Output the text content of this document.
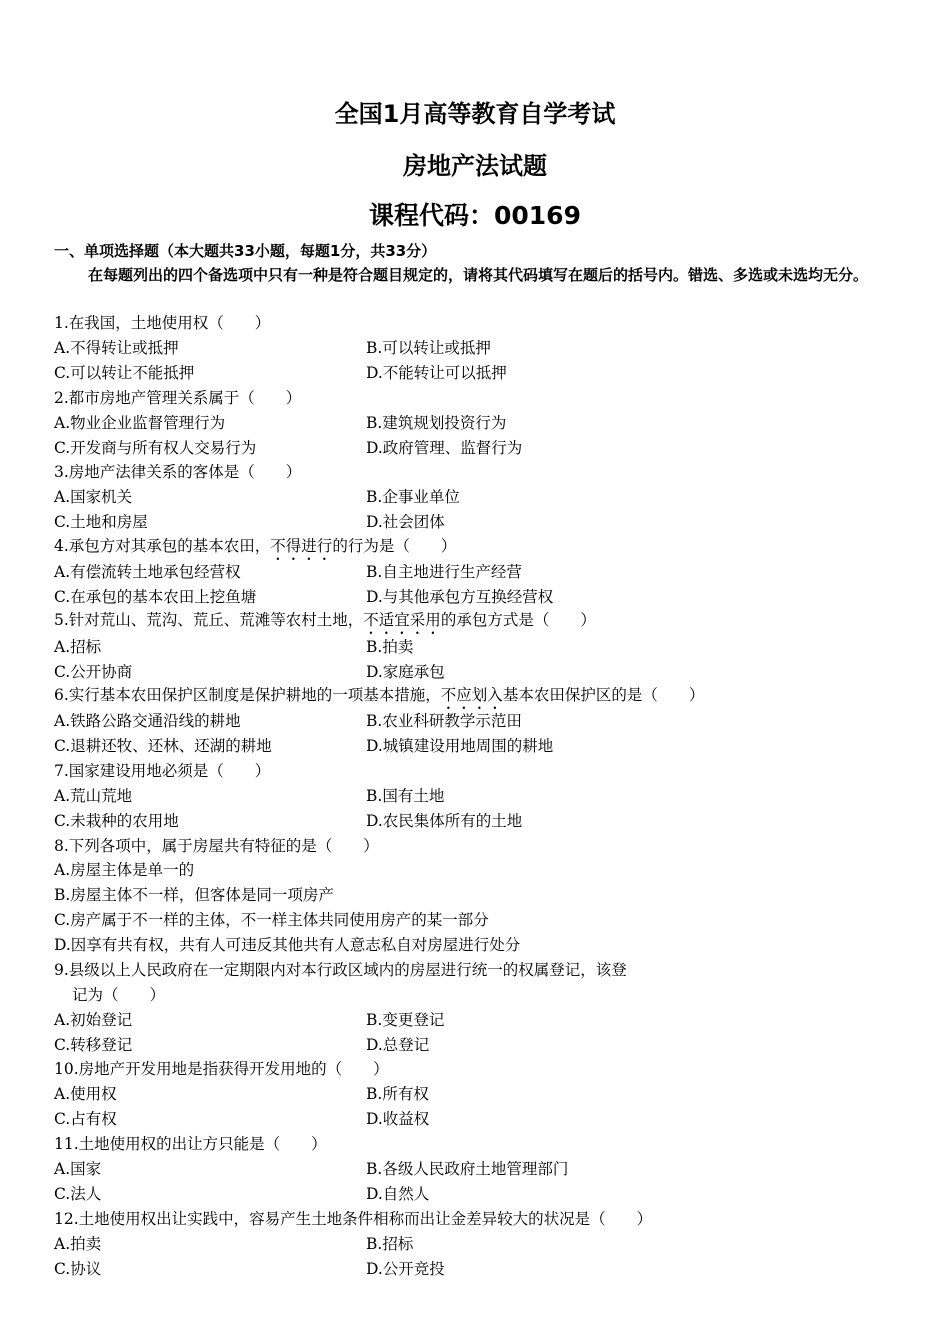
全国1月高等教育自学考试
房地产法试题
课程代码：00169
一、单项选择题（本大题共33小题，每题1分，共33分）
在每题列出的四个备选项中只有一种是符合题目规定的，请将其代码填写在题后的括号内。错选、多选或未选均无分。
1.在我国，土地使用权（　　）
A.不得转让或抵押	B.可以转让或抵押
C.可以转让不能抵押	D.不能转让可以抵押
2.都市房地产管理关系属于（　　）
A.物业企业监督管理行为	B.建筑规划投资行为
C.开发商与所有权人交易行为	D.政府管理、监督行为
3.房地产法律关系的客体是（　　）
A.国家机关	B.企事业单位
C.土地和房屋	D.社会团体
4.承包方对其承包的基本农田，不得进行的行为是（　　）
A.有偿流转土地承包经营权	B.自主地进行生产经营
C.在承包的基本农田上挖鱼塘	D.与其他承包方互换经营权
5.针对荒山、荒沟、荒丘、荒滩等农村土地，不适宜采用的承包方式是（　　）
A.招标	B.拍卖
C.公开协商	D.家庭承包
6.实行基本农田保护区制度是保护耕地的一项基本措施，不应划入基本农田保护区的是（　　）
A.铁路公路交通沿线的耕地	B.农业科研教学示范田
C.退耕还牧、还林、还湖的耕地	D.城镇建设用地周围的耕地
7.国家建设用地必须是（　　）
A.荒山荒地	B.国有土地
C.未栽种的农用地	D.农民集体所有的土地
8.下列各项中，属于房屋共有特征的是（　　）
A.房屋主体是单一的
B.房屋主体不一样，但客体是同一项房产
C.房产属于不一样的主体，不一样主体共同使用房产的某一部分
D.因享有共有权，共有人可违反其他共有人意志私自对房屋进行处分
9.县级以上人民政府在一定期限内对本行政区域内的房屋进行统一的权属登记，该登
记为（　　）
A.初始登记	B.变更登记
C.转移登记	D.总登记
10.房地产开发用地是指获得开发用地的（　　）
A.使用权	B.所有权
C.占有权	D.收益权
11.土地使用权的出让方只能是（　　）
A.国家	B.各级人民政府土地管理部门
C.法人	D.自然人
12.土地使用权出让实践中，容易产生土地条件相称而出让金差异较大的状况是（　　）
A.拍卖	B.招标
C.协议	D.公开竞投
